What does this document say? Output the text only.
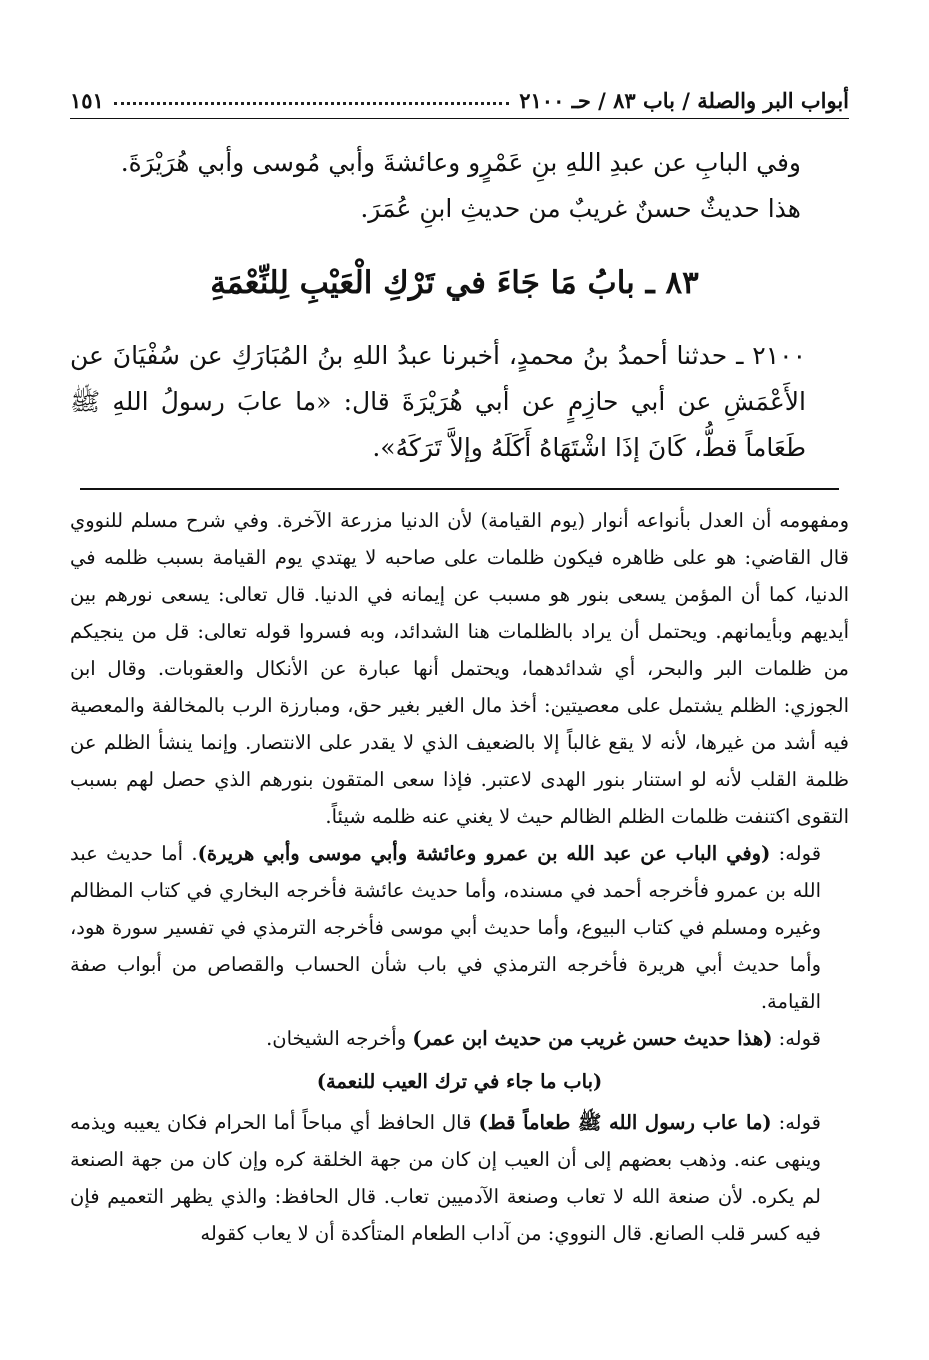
أبواب البر والصلة / باب ٨٣ / حـ ٢١٠٠
١٥١

وفي البابِ عن عبدِ اللهِ بنِ عَمْرٍو وعائشةَ وأبي مُوسى وأبي هُرَيْرَةَ.

هذا حديثٌ حسنٌ غريبٌ من حديثِ ابنِ عُمَرَ.

٨٣ ـ بابُ مَا جَاءَ في تَرْكِ الْعَيْبِ لِلنِّعْمَةِ

٢١٠٠ ـ حدثنا أحمدُ بنُ محمدٍ، أخبرنا عبدُ اللهِ بنُ المُبَارَكِ عن سُفْيَانَ عن الأَعْمَشِ عن أبي حازِمٍ عن أبي هُرَيْرَةَ قال: «ما عابَ رسولُ اللهِ ﷺ طَعَاماً قطُّ، كَانَ إذَا اشْتَهَاهُ أَكَلَهُ وإلاَّ تَرَكَهُ».

ومفهومه أن العدل بأنواعه أنوار (يوم القيامة) لأن الدنيا مزرعة الآخرة. وفي شرح مسلم للنووي قال القاضي: هو على ظاهره فيكون ظلمات على صاحبه لا يهتدي يوم القيامة بسبب ظلمه في الدنيا، كما أن المؤمن يسعى بنور هو مسبب عن إيمانه في الدنيا. قال تعالى: يسعى نورهم بين أيديهم وبأيمانهم. ويحتمل أن يراد بالظلمات هنا الشدائد، وبه فسروا قوله تعالى: قل من ينجيكم من ظلمات البر والبحر، أي شدائدهما، ويحتمل أنها عبارة عن الأنكال والعقوبات. وقال ابن الجوزي: الظلم يشتمل على معصيتين: أخذ مال الغير بغير حق، ومبارزة الرب بالمخالفة والمعصية فيه أشد من غيرها، لأنه لا يقع غالباً إلا بالضعيف الذي لا يقدر على الانتصار. وإنما ينشأ الظلم عن ظلمة القلب لأنه لو استنار بنور الهدى لاعتبر. فإذا سعى المتقون بنورهم الذي حصل لهم بسبب التقوى اكتنفت ظلمات الظلم الظالم حيث لا يغني عنه ظلمه شيئاً.

قوله: (وفي الباب عن عبد الله بن عمرو وعائشة وأبي موسى وأبي هريرة). أما حديث عبد الله بن عمرو فأخرجه أحمد في مسنده، وأما حديث عائشة فأخرجه البخاري في كتاب المظالم وغيره ومسلم في كتاب البيوع، وأما حديث أبي موسى فأخرجه الترمذي في تفسير سورة هود، وأما حديث أبي هريرة فأخرجه الترمذي في باب شأن الحساب والقصاص من أبواب صفة القيامة.

قوله: (هذا حديث حسن غريب من حديث ابن عمر) وأخرجه الشيخان.

(باب ما جاء في ترك العيب للنعمة)

قوله: (ما عاب رسول الله ﷺ طعاماً قط) قال الحافظ أي مباحاً أما الحرام فكان يعيبه ويذمه وينهى عنه. وذهب بعضهم إلى أن العيب إن كان من جهة الخلقة كره وإن كان من جهة الصنعة لم يكره. لأن صنعة الله لا تعاب وصنعة الآدميين تعاب. قال الحافظ: والذي يظهر التعميم فإن فيه كسر قلب الصانع. قال النووي: من آداب الطعام المتأكدة أن لا يعاب كقوله
